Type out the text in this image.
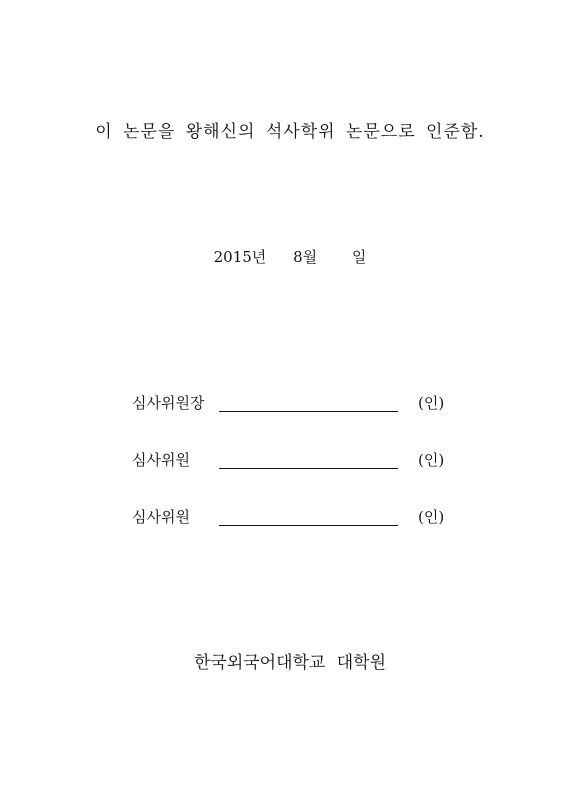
이 논문을 왕해신의 석사학위 논문으로 인준함.
2015년 8월 일
심사위원장	(인)
심사위원	(인)
심사위원	(인)
한국외국어대학교 대학원
